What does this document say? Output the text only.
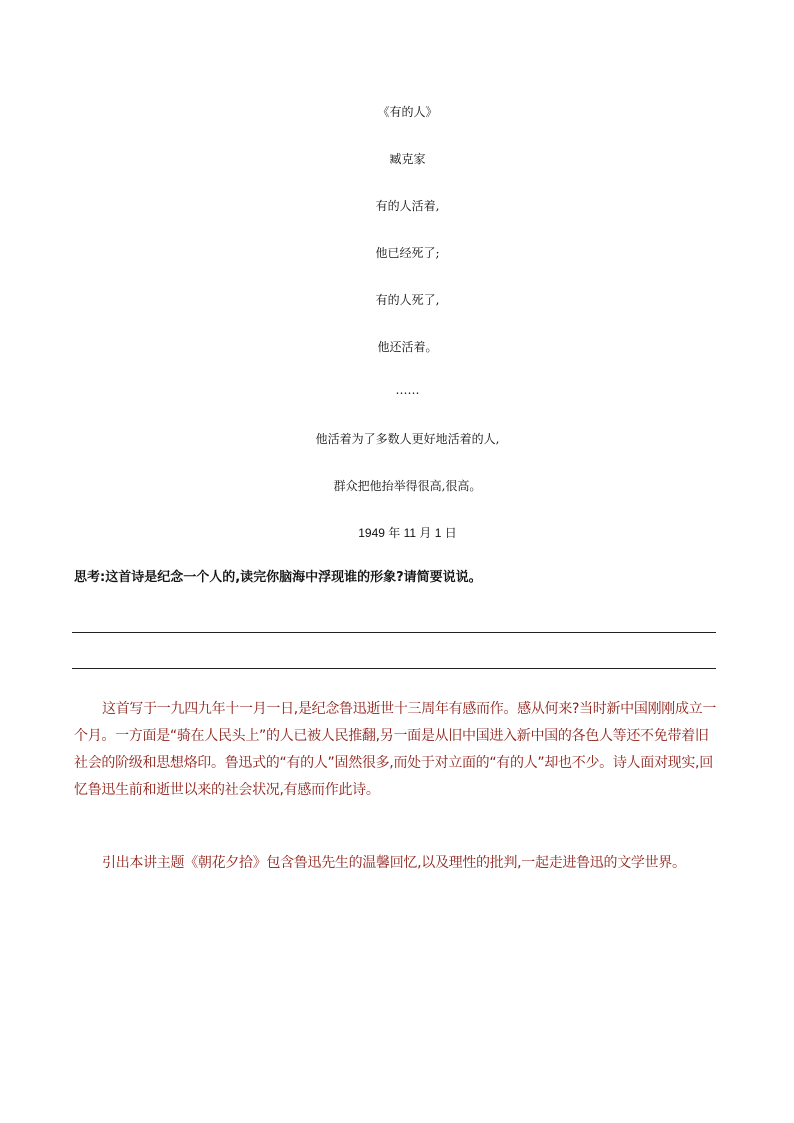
《有的人》
臧克家
有的人活着,
他已经死了;
有的人死了,
他还活着。
……
他活着为了多数人更好地活着的人,
群众把他抬举得很高,很高。
1949 年 11 月 1 日
思考:这首诗是纪念一个人的,读完你脑海中浮现谁的形象?请简要说说。

这首写于一九四九年十一月一日,是纪念鲁迅逝世十三周年有感而作。感从何来?当时新中国刚刚成立一个月。一方面是“骑在人民头上”的人已被人民推翻,另一面是从旧中国进入新中国的各色人等还不免带着旧社会的阶级和思想烙印。鲁迅式的“有的人”固然很多,而处于对立面的“有的人”却也不少。诗人面对现实,回忆鲁迅生前和逝世以来的社会状况,有感而作此诗。

引出本讲主题《朝花夕拾》包含鲁迅先生的温馨回忆,以及理性的批判,一起走进鲁迅的文学世界。
